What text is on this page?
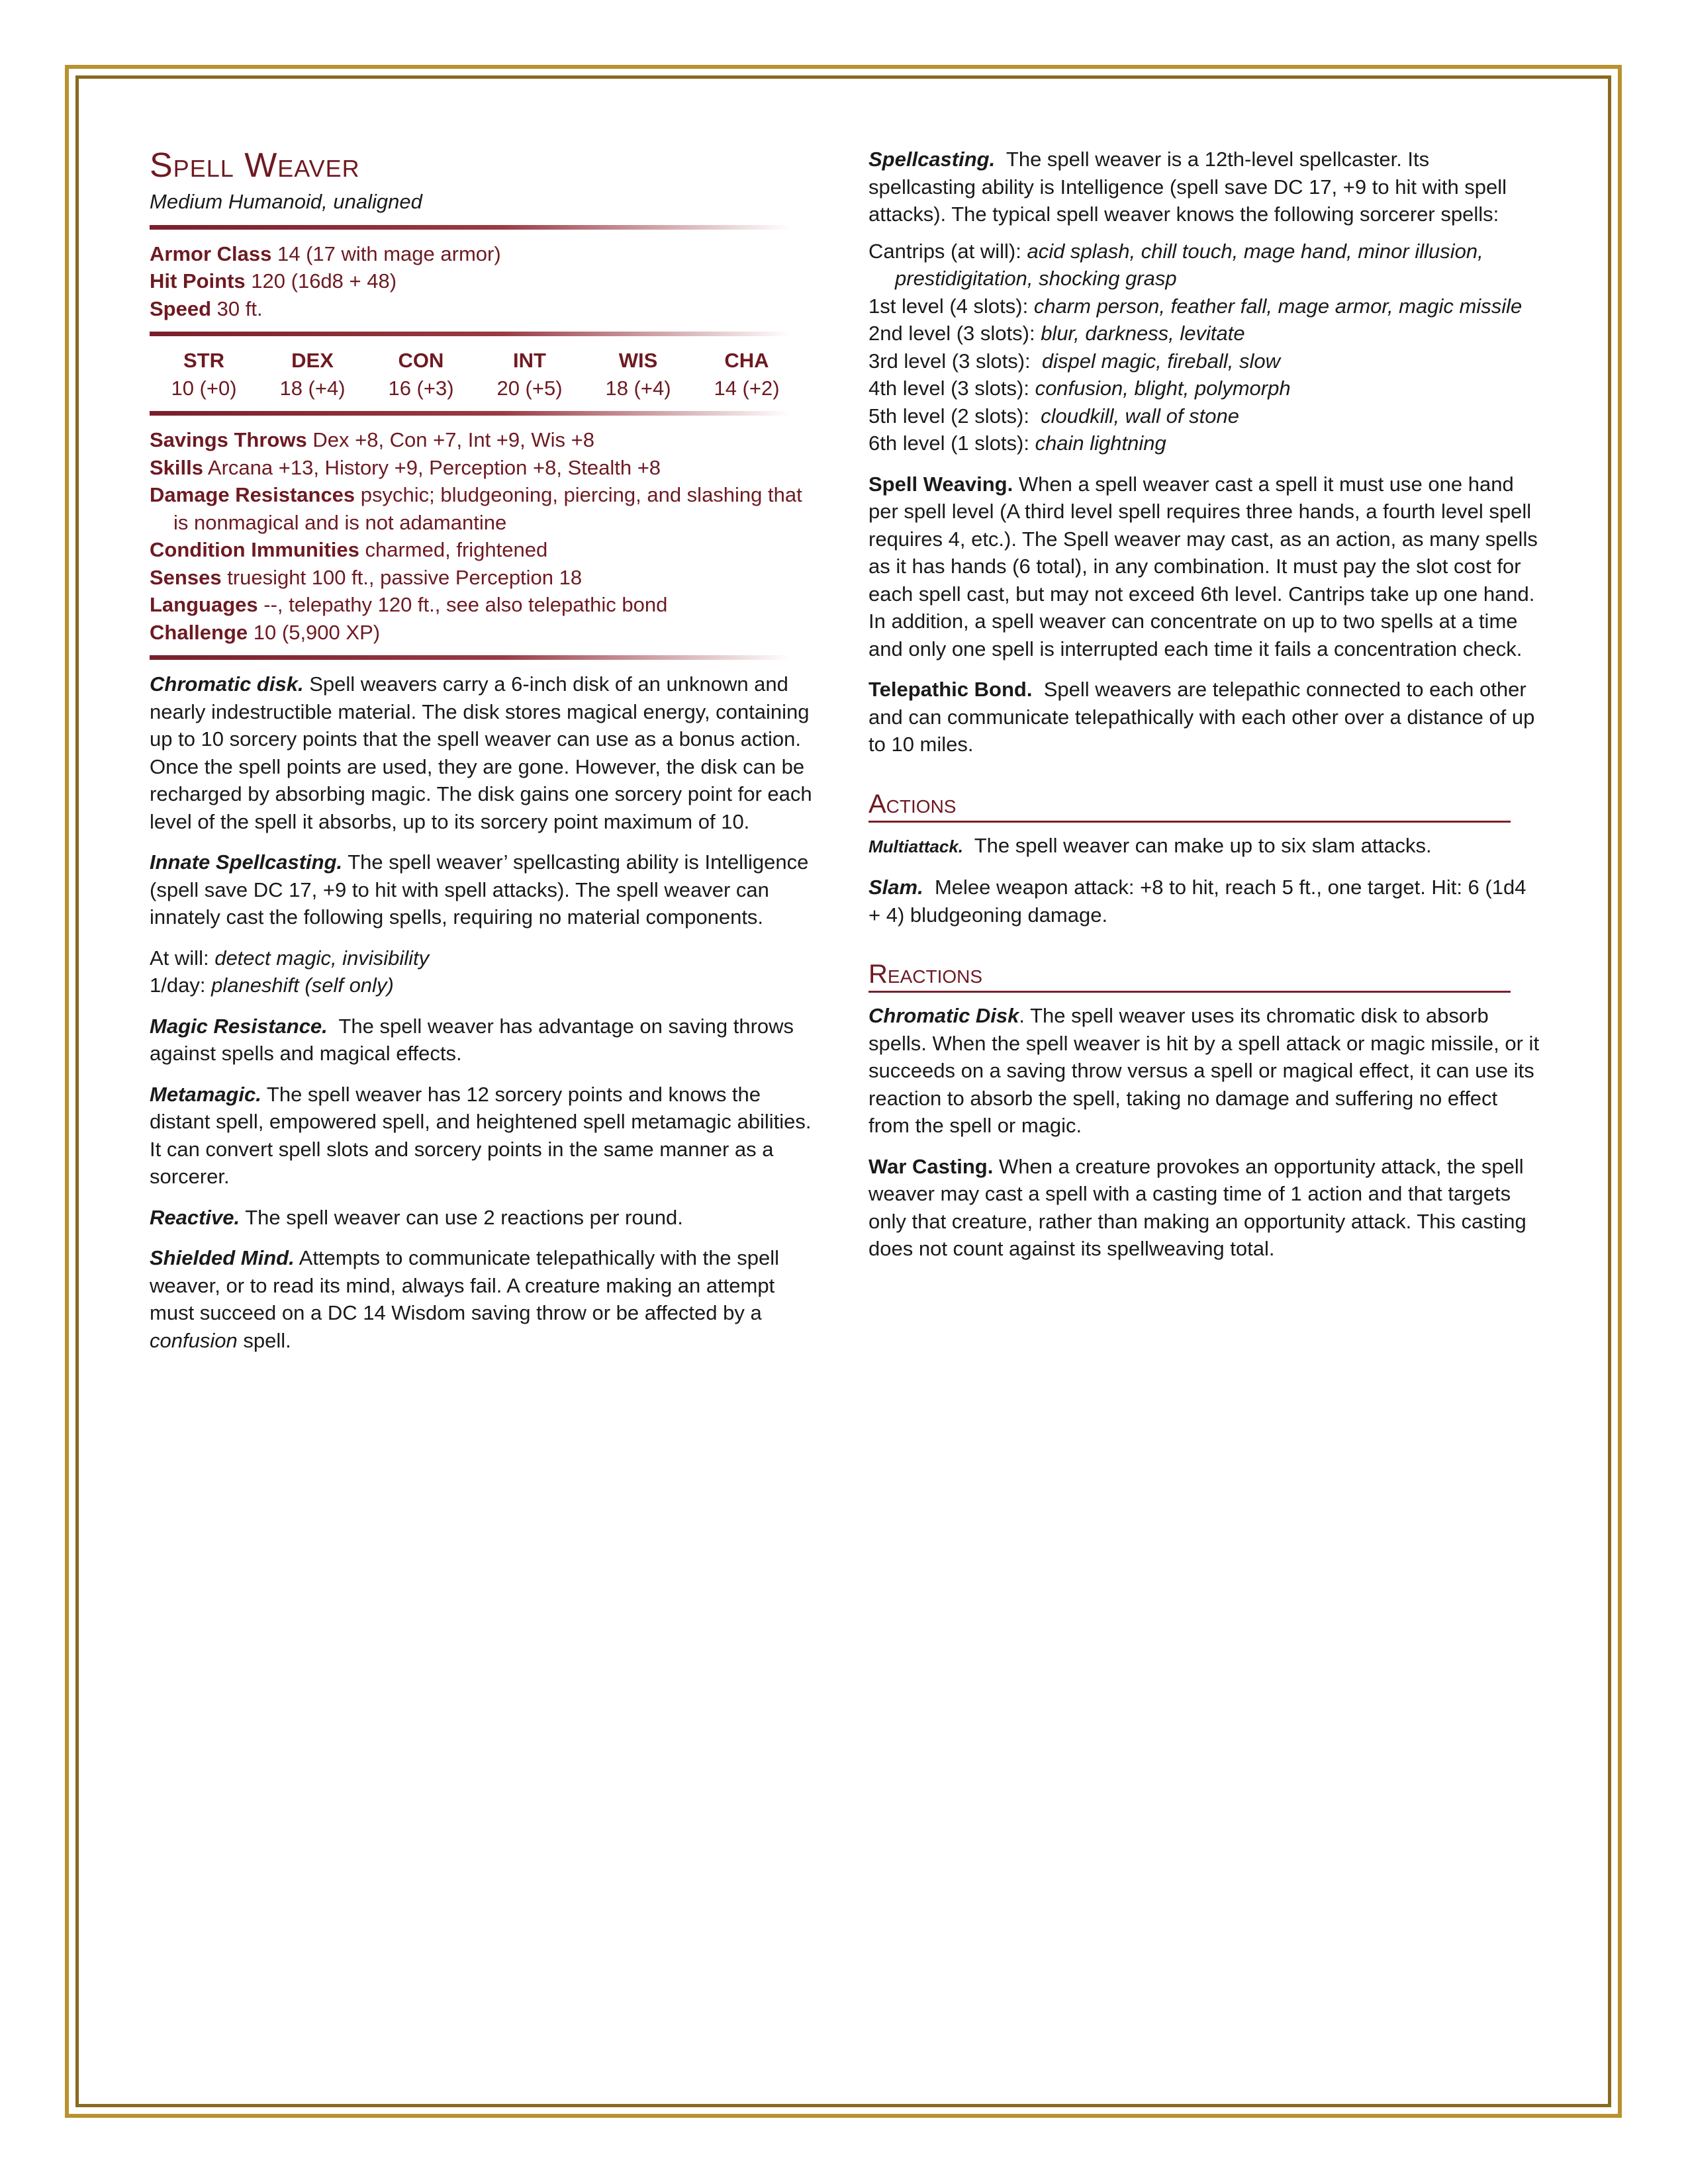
Spell Weaver

Medium Humanoid, unaligned

Armor Class 14 (17 with mage armor)

Hit Points 120 (16d8 + 48)

Speed 30 ft.

STR	DEX	CON	INT	WIS	CHA
10 (+0)	18 (+4)	16 (+3)	20 (+5)	18 (+4)	14 (+2)

Savings Throws Dex +8, Con +7, Int +9, Wis +8

Skills Arcana +13, History +9, Perception +8, Stealth +8

Damage Resistances psychic; bludgeoning, piercing, and slashing that is nonmagical and is not adamantine

Condition Immunities charmed, frightened

Senses truesight 100 ft., passive Perception 18

Languages --, telepathy 120 ft., see also telepathic bond

Challenge 10 (5,900 XP)

Chromatic disk. Spell weavers carry a 6-inch disk of an unknown and nearly indestructible material. The disk stores magical energy, containing up to 10 sorcery points that the spell weaver can use as a bonus action. Once the spell points are used, they are gone. However, the disk can be recharged by absorbing magic. The disk gains one sorcery point for each level of the spell it absorbs, up to its sorcery point maximum of 10.

Innate Spellcasting. The spell weaver’ spellcasting ability is Intelligence (spell save DC 17, +9 to hit with spell attacks). The spell weaver can innately cast the following spells, requiring no material components.

At will: detect magic, invisibility

1/day: planeshift (self only)

Magic Resistance. The spell weaver has advantage on saving throws against spells and magical effects.

Metamagic. The spell weaver has 12 sorcery points and knows the distant spell, empowered spell, and heightened spell metamagic abilities. It can convert spell slots and sorcery points in the same manner as a sorcerer.

Reactive. The spell weaver can use 2 reactions per round.

Shielded Mind. Attempts to communicate telepathically with the spell weaver, or to read its mind, always fail. A creature making an attempt must succeed on a DC 14 Wisdom saving throw or be affected by a confusion spell.

Spellcasting. The spell weaver is a 12th-level spellcaster. Its spellcasting ability is Intelligence (spell save DC 17, +9 to hit with spell attacks). The typical spell weaver knows the following sorcerer spells:

Cantrips (at will): acid splash, chill touch, mage hand, minor illusion, prestidigitation, shocking grasp

1st level (4 slots): charm person, feather fall, mage armor, magic missile

2nd level (3 slots): blur, darkness, levitate

3rd level (3 slots): dispel magic, fireball, slow

4th level (3 slots): confusion, blight, polymorph

5th level (2 slots): cloudkill, wall of stone

6th level (1 slots): chain lightning

Spell Weaving. When a spell weaver cast a spell it must use one hand per spell level (A third level spell requires three hands, a fourth level spell requires 4, etc.). The Spell weaver may cast, as an action, as many spells as it has hands (6 total), in any combination. It must pay the slot cost for each spell cast, but may not exceed 6th level. Cantrips take up one hand. In addition, a spell weaver can concentrate on up to two spells at a time and only one spell is interrupted each time it fails a concentration check.

Telepathic Bond. Spell weavers are telepathic connected to each other and can communicate telepathically with each other over a distance of up to 10 miles.

Actions

Multiattack. The spell weaver can make up to six slam attacks.

Slam. Melee weapon attack: +8 to hit, reach 5 ft., one target. Hit: 6 (1d4 + 4) bludgeoning damage.

Reactions

Chromatic Disk. The spell weaver uses its chromatic disk to absorb spells. When the spell weaver is hit by a spell attack or magic missile, or it succeeds on a saving throw versus a spell or magical effect, it can use its reaction to absorb the spell, taking no damage and suffering no effect from the spell or magic.

War Casting. When a creature provokes an opportunity attack, the spell weaver may cast a spell with a casting time of 1 action and that targets only that creature, rather than making an opportunity attack. This casting does not count against its spellweaving total.
